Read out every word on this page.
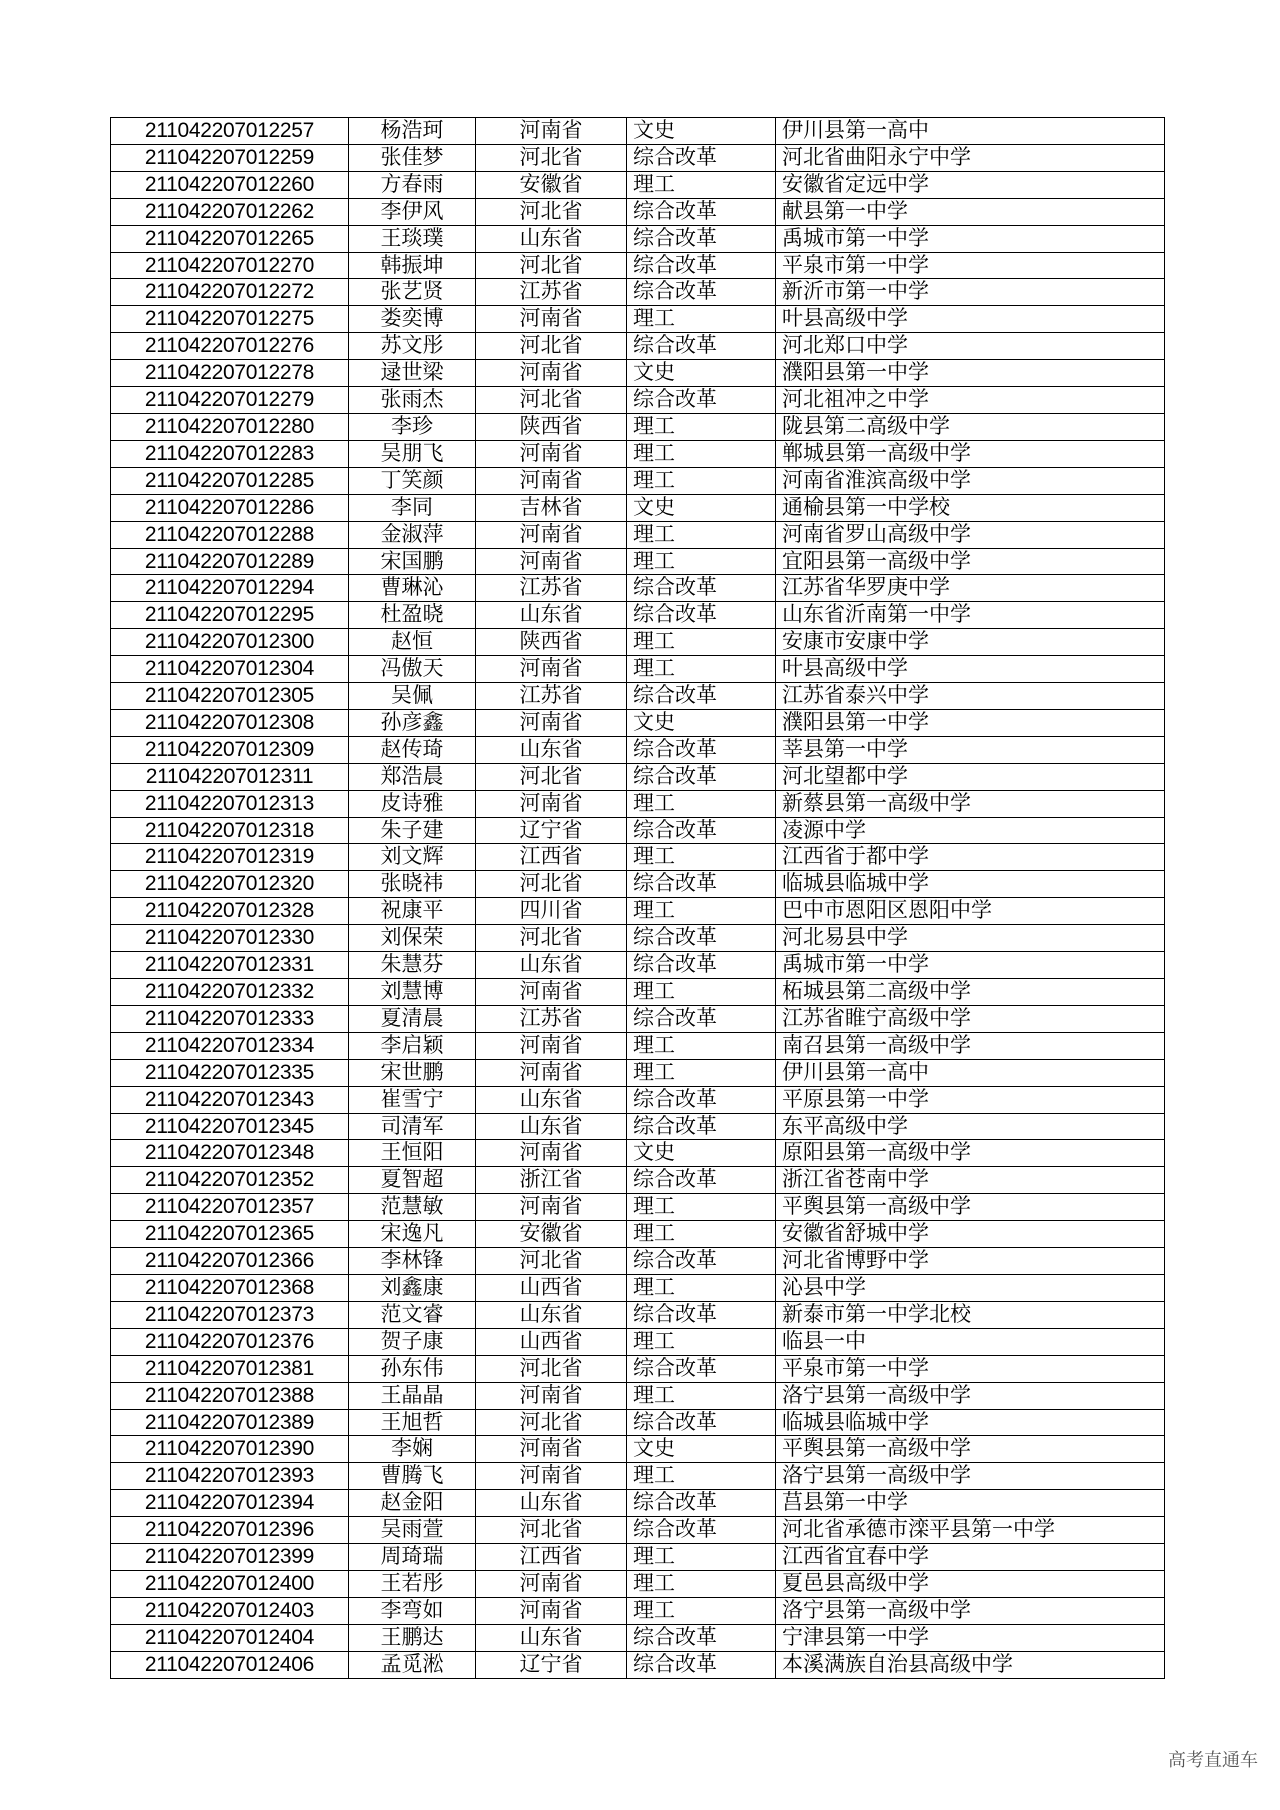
211042207012257	杨浩珂	河南省	文史	伊川县第一高中
211042207012259	张佳梦	河北省	综合改革	河北省曲阳永宁中学
211042207012260	方春雨	安徽省	理工	安徽省定远中学
211042207012262	李伊风	河北省	综合改革	献县第一中学
211042207012265	王琰璞	山东省	综合改革	禹城市第一中学
211042207012270	韩振坤	河北省	综合改革	平泉市第一中学
211042207012272	张艺贤	江苏省	综合改革	新沂市第一中学
211042207012275	娄奕博	河南省	理工	叶县高级中学
211042207012276	苏文彤	河北省	综合改革	河北郑口中学
211042207012278	逯世梁	河南省	文史	濮阳县第一中学
211042207012279	张雨杰	河北省	综合改革	河北祖冲之中学
211042207012280	李珍	陕西省	理工	陇县第二高级中学
211042207012283	吴朋飞	河南省	理工	郸城县第一高级中学
211042207012285	丁笑颜	河南省	理工	河南省淮滨高级中学
211042207012286	李同	吉林省	文史	通榆县第一中学校
211042207012288	金淑萍	河南省	理工	河南省罗山高级中学
211042207012289	宋国鹏	河南省	理工	宜阳县第一高级中学
211042207012294	曹琳沁	江苏省	综合改革	江苏省华罗庚中学
211042207012295	杜盈晓	山东省	综合改革	山东省沂南第一中学
211042207012300	赵恒	陕西省	理工	安康市安康中学
211042207012304	冯傲天	河南省	理工	叶县高级中学
211042207012305	吴佩	江苏省	综合改革	江苏省泰兴中学
211042207012308	孙彦鑫	河南省	文史	濮阳县第一中学
211042207012309	赵传琦	山东省	综合改革	莘县第一中学
211042207012311	郑浩晨	河北省	综合改革	河北望都中学
211042207012313	皮诗雅	河南省	理工	新蔡县第一高级中学
211042207012318	朱子建	辽宁省	综合改革	凌源中学
211042207012319	刘文辉	江西省	理工	江西省于都中学
211042207012320	张晓祎	河北省	综合改革	临城县临城中学
211042207012328	祝康平	四川省	理工	巴中市恩阳区恩阳中学
211042207012330	刘保荣	河北省	综合改革	河北易县中学
211042207012331	朱慧芬	山东省	综合改革	禹城市第一中学
211042207012332	刘慧博	河南省	理工	柘城县第二高级中学
211042207012333	夏清晨	江苏省	综合改革	江苏省睢宁高级中学
211042207012334	李启颖	河南省	理工	南召县第一高级中学
211042207012335	宋世鹏	河南省	理工	伊川县第一高中
211042207012343	崔雪宁	山东省	综合改革	平原县第一中学
211042207012345	司清军	山东省	综合改革	东平高级中学
211042207012348	王恒阳	河南省	文史	原阳县第一高级中学
211042207012352	夏智超	浙江省	综合改革	浙江省苍南中学
211042207012357	范慧敏	河南省	理工	平舆县第一高级中学
211042207012365	宋逸凡	安徽省	理工	安徽省舒城中学
211042207012366	李林锋	河北省	综合改革	河北省博野中学
211042207012368	刘鑫康	山西省	理工	沁县中学
211042207012373	范文睿	山东省	综合改革	新泰市第一中学北校
211042207012376	贺子康	山西省	理工	临县一中
211042207012381	孙东伟	河北省	综合改革	平泉市第一中学
211042207012388	王晶晶	河南省	理工	洛宁县第一高级中学
211042207012389	王旭哲	河北省	综合改革	临城县临城中学
211042207012390	李娴	河南省	文史	平舆县第一高级中学
211042207012393	曹腾飞	河南省	理工	洛宁县第一高级中学
211042207012394	赵金阳	山东省	综合改革	莒县第一中学
211042207012396	吴雨萱	河北省	综合改革	河北省承德市滦平县第一中学
211042207012399	周琦瑞	江西省	理工	江西省宜春中学
211042207012400	王若彤	河南省	理工	夏邑县高级中学
211042207012403	李弯如	河南省	理工	洛宁县第一高级中学
211042207012404	王鹏达	山东省	综合改革	宁津县第一中学
211042207012406	孟觅淞	辽宁省	综合改革	本溪满族自治县高级中学
高考直通车
